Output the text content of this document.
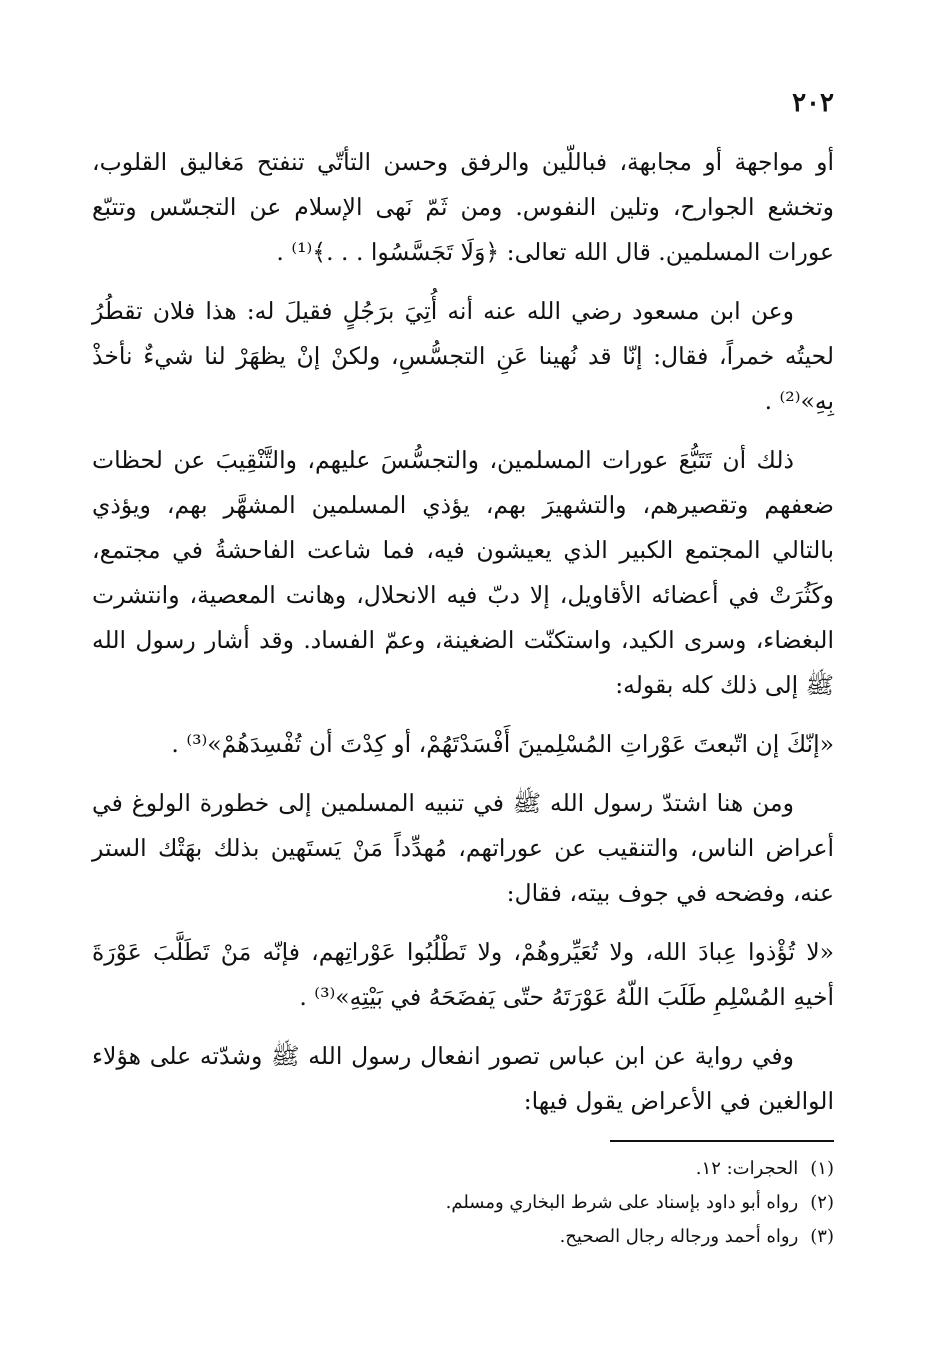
٢٠٢

أو مواجهة أو مجابهة، فباللّين والرفق وحسن التأتّي تنفتح مَغاليق القلوب، وتخشع الجوارح، وتلين النفوس. ومن ثَمّ نَهى الإسلام عن التجسّس وتتبّع عورات المسلمين. قال الله تعالى: ﴿وَلَا تَجَسَّسُوا . . .﴾⁽¹⁾ .

وعن ابن مسعود رضي الله عنه أنه أُتِيَ برَجُلٍ فقيلَ له: هذا فلان تقطُرُ لحيتُه خمراً، فقال: إنّا قد نُهينا عَنِ التجسُّسِ، ولكنْ إنْ يظهَرْ لنا شيءٌ نأخذْ بِهِ»⁽²⁾ .

ذلك أن تَتَبُّعَ عورات المسلمين، والتجسُّسَ عليهم، والتَّنْقِيبَ عن لحظات ضعفهم وتقصيرهم، والتشهيرَ بهم، يؤذي المسلمين المشهَّر بهم، ويؤذي بالتالي المجتمع الكبير الذي يعيشون فيه، فما شاعت الفاحشةُ في مجتمع، وكَثُرَتْ في أعضائه الأقاويل، إلا دبّ فيه الانحلال، وهانت المعصية، وانتشرت البغضاء، وسرى الكيد، واستكنّت الضغينة، وعمّ الفساد. وقد أشار رسول الله ﷺ إلى ذلك كله بقوله:

«إنّكَ إن اتّبعتَ عَوْراتِ المُسْلِمينَ أَفْسَدْتَهُمْ، أو كِدْتَ أن تُفْسِدَهُمْ»⁽³⁾ .

ومن هنا اشتدّ رسول الله ﷺ في تنبيه المسلمين إلى خطورة الولوغ في أعراض الناس، والتنقيب عن عوراتهم، مُهدِّداً مَنْ يَستَهين بذلك بهَتْك الستر عنه، وفضحه في جوف بيته، فقال:

«لا تُؤْذوا عِبادَ الله، ولا تُعَيِّروهُمْ، ولا تَطْلُبُوا عَوْراتِهم، فإنّه مَنْ تَطَلَّبَ عَوْرَةَ أخيهِ المُسْلِمِ طَلَبَ اللّهُ عَوْرَتَهُ حتّى يَفضَحَهُ في بَيْتِهِ»⁽³⁾ .

وفي رواية عن ابن عباس تصور انفعال رسول الله ﷺ وشدّته على هؤلاء الوالغين في الأعراض يقول فيها:

(١)الحجرات: ١٢.

(٢)رواه أبو داود بإسناد على شرط البخاري ومسلم.

(٣)رواه أحمد ورجاله رجال الصحيح.
